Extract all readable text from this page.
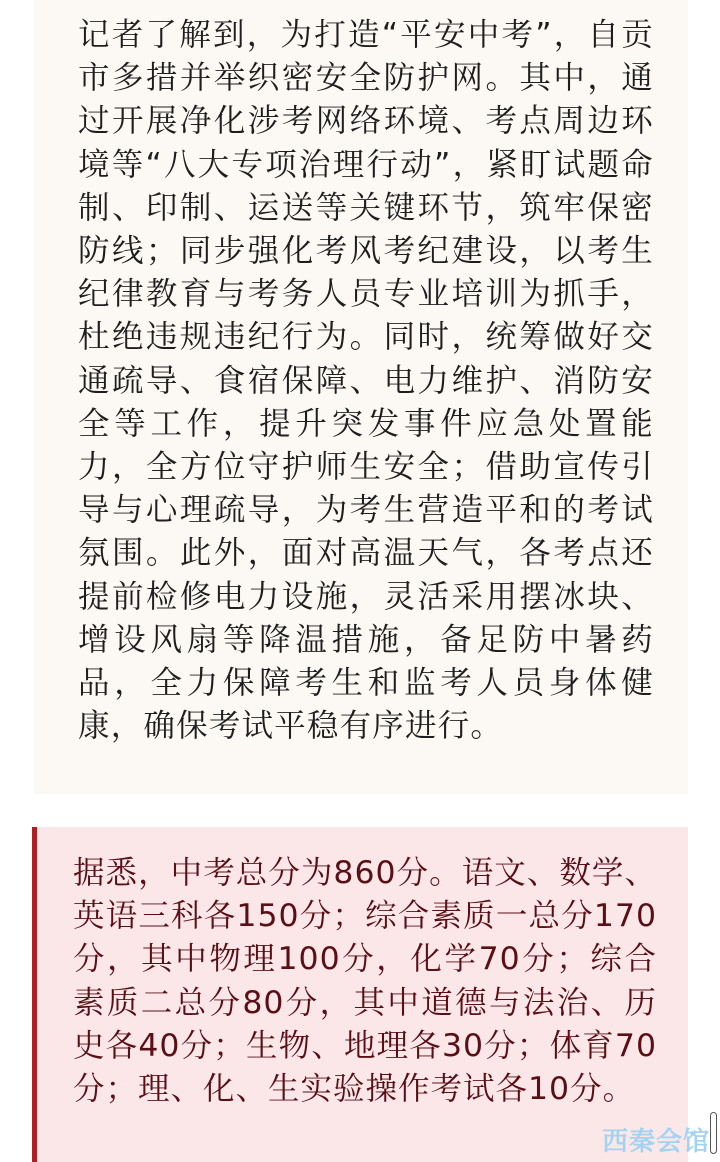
记者了解到，为打造“平安中考”，自贡市多措并举织密安全防护网。其中，通过开展净化涉考网络环境、考点周边环境等“八大专项治理行动”，紧盯试题命制、印制、运送等关键环节，筑牢保密防线；同步强化考风考纪建设，以考生纪律教育与考务人员专业培训为抓手，杜绝违规违纪行为。同时，统筹做好交通疏导、食宿保障、电力维护、消防安全等工作，提升突发事件应急处置能力，全方位守护师生安全；借助宣传引导与心理疏导，为考生营造平和的考试氛围。此外，面对高温天气，各考点还提前检修电力设施，灵活采用摆冰块、增设风扇等降温措施，备足防中暑药品，全力保障考生和监考人员身体健康，确保考试平稳有序进行。

据悉，中考总分为860分。语文、数学、英语三科各150分；综合素质一总分170分，其中物理100分，化学70分；综合素质二总分80分，其中道德与法治、历史各40分；生物、地理各30分；体育70分；理、化、生实验操作考试各10分。

西秦会馆
